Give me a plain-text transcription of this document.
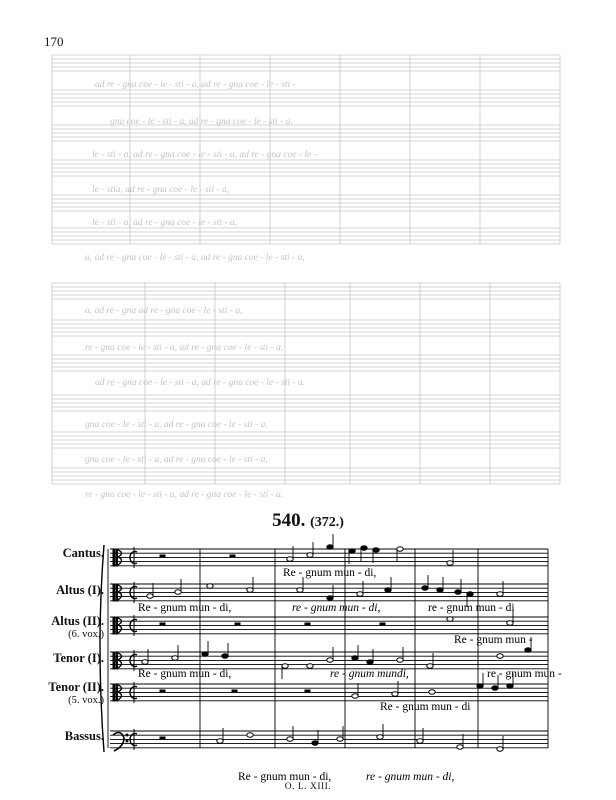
170
ad re - gna coe - le - sti - a, ad re - gna coe - le - sti -
gna coe - le - sti - a, ad re - gna coe - le - sti - a,
le - sti - a, ad re - gna coe - le - sti - a, ad re - gna coe - le -
le - stia, ad re - gna coe - le - sti - a,
le - sti - a, ad re - gna coe - le - sti - a,
a, ad re - gna coe - le - sti - a, ad re - gna coe - le - sti - a,
a, ad re - gna ad re - gna coe - le - sti - a,
re - gna coe - le - sti - a, ad re - gna coe - le - sti - a,
ad re - gna coe - le - sti - a, ad re - gna coe - le - sti - a.
gna coe - le - sti - a, ad re - gna coe - le - sti - a,
gna coe - le - sti - a, ad re - gna coe - le - sti - a,
re - gna coe - le - sti - a, ad re - gna coe - le - sti - a.
540. (372.)
Cantus.
Altus (I).
Altus (II).
(6. vox.)
Tenor (I).
Tenor (II).
(5. vox.)
Bassus.
Re - gnum mun - di,
Re - gnum mun - di,	re - gnum mun - di,	re - gnum mun - di
Re - gnum mun -
Re - gnum mun - di,	re - gnum mundi,	re - gnum mun -
Re - gnum mun - di
Re - gnum mun - di,	re - gnum mun - di,
O. L. XIII.
